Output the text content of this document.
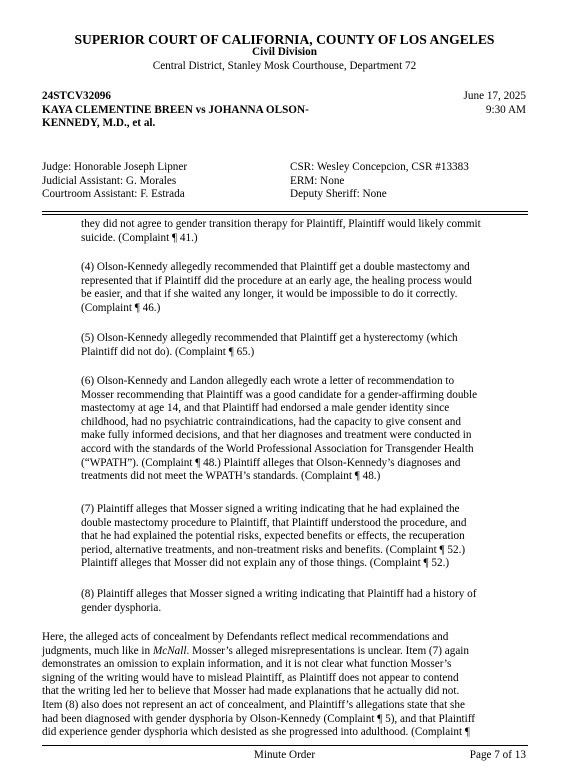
SUPERIOR COURT OF CALIFORNIA, COUNTY OF LOS ANGELES
Civil Division
Central District, Stanley Mosk Courthouse, Department 72
24STCV32096
KAYA CLEMENTINE BREEN vs JOHANNA OLSON-
KENNEDY, M.D., et al.
June 17, 2025
9:30 AM
Judge: Honorable Joseph Lipner
Judicial Assistant: G. Morales
Courtroom Assistant: F. Estrada
CSR: Wesley Concepcion, CSR #13383
ERM: None
Deputy Sheriff: None

they did not agree to gender transition therapy for Plaintiff, Plaintiff would likely commit

suicide. (Complaint ¶ 41.)

(4) Olson-Kennedy allegedly recommended that Plaintiff get a double mastectomy and

represented that if Plaintiff did the procedure at an early age, the healing process would

be easier, and that if she waited any longer, it would be impossible to do it correctly.

(Complaint ¶ 46.)

(5) Olson-Kennedy allegedly recommended that Plaintiff get a hysterectomy (which

Plaintiff did not do). (Complaint ¶ 65.)

(6) Olson-Kennedy and Landon allegedly each wrote a letter of recommendation to

Mosser recommending that Plaintiff was a good candidate for a gender-affirming double

mastectomy at age 14, and that Plaintiff had endorsed a male gender identity since

childhood, had no psychiatric contraindications, had the capacity to give consent and

make fully informed decisions, and that her diagnoses and treatment were conducted in

accord with the standards of the World Professional Association for Transgender Health

(“WPATH”). (Complaint ¶ 48.) Plaintiff alleges that Olson-Kennedy’s diagnoses and

treatments did not meet the WPATH’s standards. (Complaint ¶ 48.)

(7) Plaintiff alleges that Mosser signed a writing indicating that he had explained the

double mastectomy procedure to Plaintiff, that Plaintiff understood the procedure, and

that he had explained the potential risks, expected benefits or effects, the recuperation

period, alternative treatments, and non-treatment risks and benefits. (Complaint ¶ 52.)

Plaintiff alleges that Mosser did not explain any of those things. (Complaint ¶ 52.)

(8) Plaintiff alleges that Mosser signed a writing indicating that Plaintiff had a history of

gender dysphoria.

Here, the alleged acts of concealment by Defendants reflect medical recommendations and

judgments, much like in McNall. Mosser’s alleged misrepresentations is unclear. Item (7) again

demonstrates an omission to explain information, and it is not clear what function Mosser’s

signing of the writing would have to mislead Plaintiff, as Plaintiff does not appear to contend

that the writing led her to believe that Mosser had made explanations that he actually did not.

Item (8) also does not represent an act of concealment, and Plaintiff’s allegations state that she

had been diagnosed with gender dysphoria by Olson-Kennedy (Complaint ¶ 5), and that Plaintiff

did experience gender dysphoria which desisted as she progressed into adulthood. (Complaint ¶

Minute Order	Page 7 of 13
